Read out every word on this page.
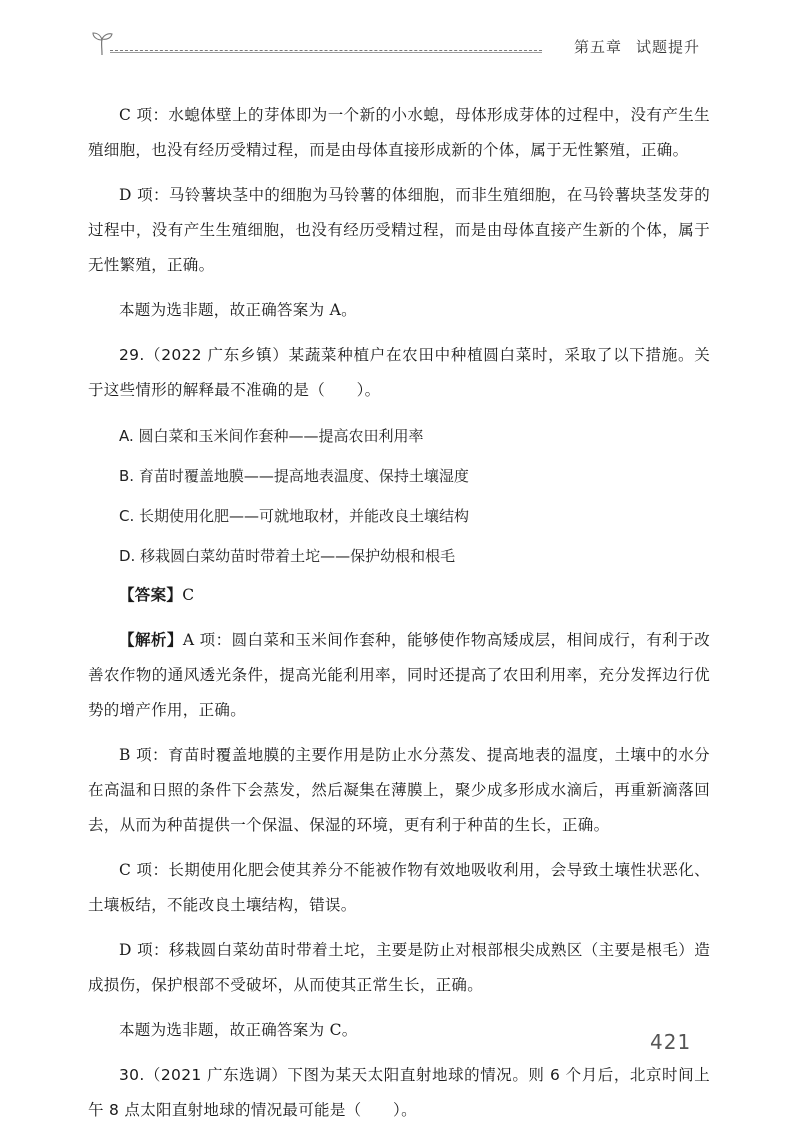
第五章 试题提升

C 项：水螅体壁上的芽体即为一个新的小水螅，母体形成芽体的过程中，没有产生生殖细胞，也没有经历受精过程，而是由母体直接形成新的个体，属于无性繁殖，正确。

D 项：马铃薯块茎中的细胞为马铃薯的体细胞，而非生殖细胞，在马铃薯块茎发芽的过程中，没有产生生殖细胞，也没有经历受精过程，而是由母体直接产生新的个体，属于无性繁殖，正确。

本题为选非题，故正确答案为 A。

29.（2022 广东乡镇）某蔬菜种植户在农田中种植圆白菜时，采取了以下措施。关于这些情形的解释最不准确的是（　　）。

A. 圆白菜和玉米间作套种——提高农田利用率
B. 育苗时覆盖地膜——提高地表温度、保持土壤湿度
C. 长期使用化肥——可就地取材，并能改良土壤结构
D. 移栽圆白菜幼苗时带着土坨——保护幼根和根毛

【答案】C

【解析】A 项：圆白菜和玉米间作套种，能够使作物高矮成层，相间成行，有利于改善农作物的通风透光条件，提高光能利用率，同时还提高了农田利用率，充分发挥边行优势的增产作用，正确。

B 项：育苗时覆盖地膜的主要作用是防止水分蒸发、提高地表的温度，土壤中的水分在高温和日照的条件下会蒸发，然后凝集在薄膜上，聚少成多形成水滴后，再重新滴落回去，从而为种苗提供一个保温、保湿的环境，更有利于种苗的生长，正确。

C 项：长期使用化肥会使其养分不能被作物有效地吸收利用，会导致土壤性状恶化、土壤板结，不能改良土壤结构，错误。

D 项：移栽圆白菜幼苗时带着土坨，主要是防止对根部根尖成熟区（主要是根毛）造成损伤，保护根部不受破坏，从而使其正常生长，正确。

本题为选非题，故正确答案为 C。

30.（2021 广东选调）下图为某天太阳直射地球的情况。则 6 个月后，北京时间上午 8 点太阳直射地球的情况最可能是（　　）。

421
